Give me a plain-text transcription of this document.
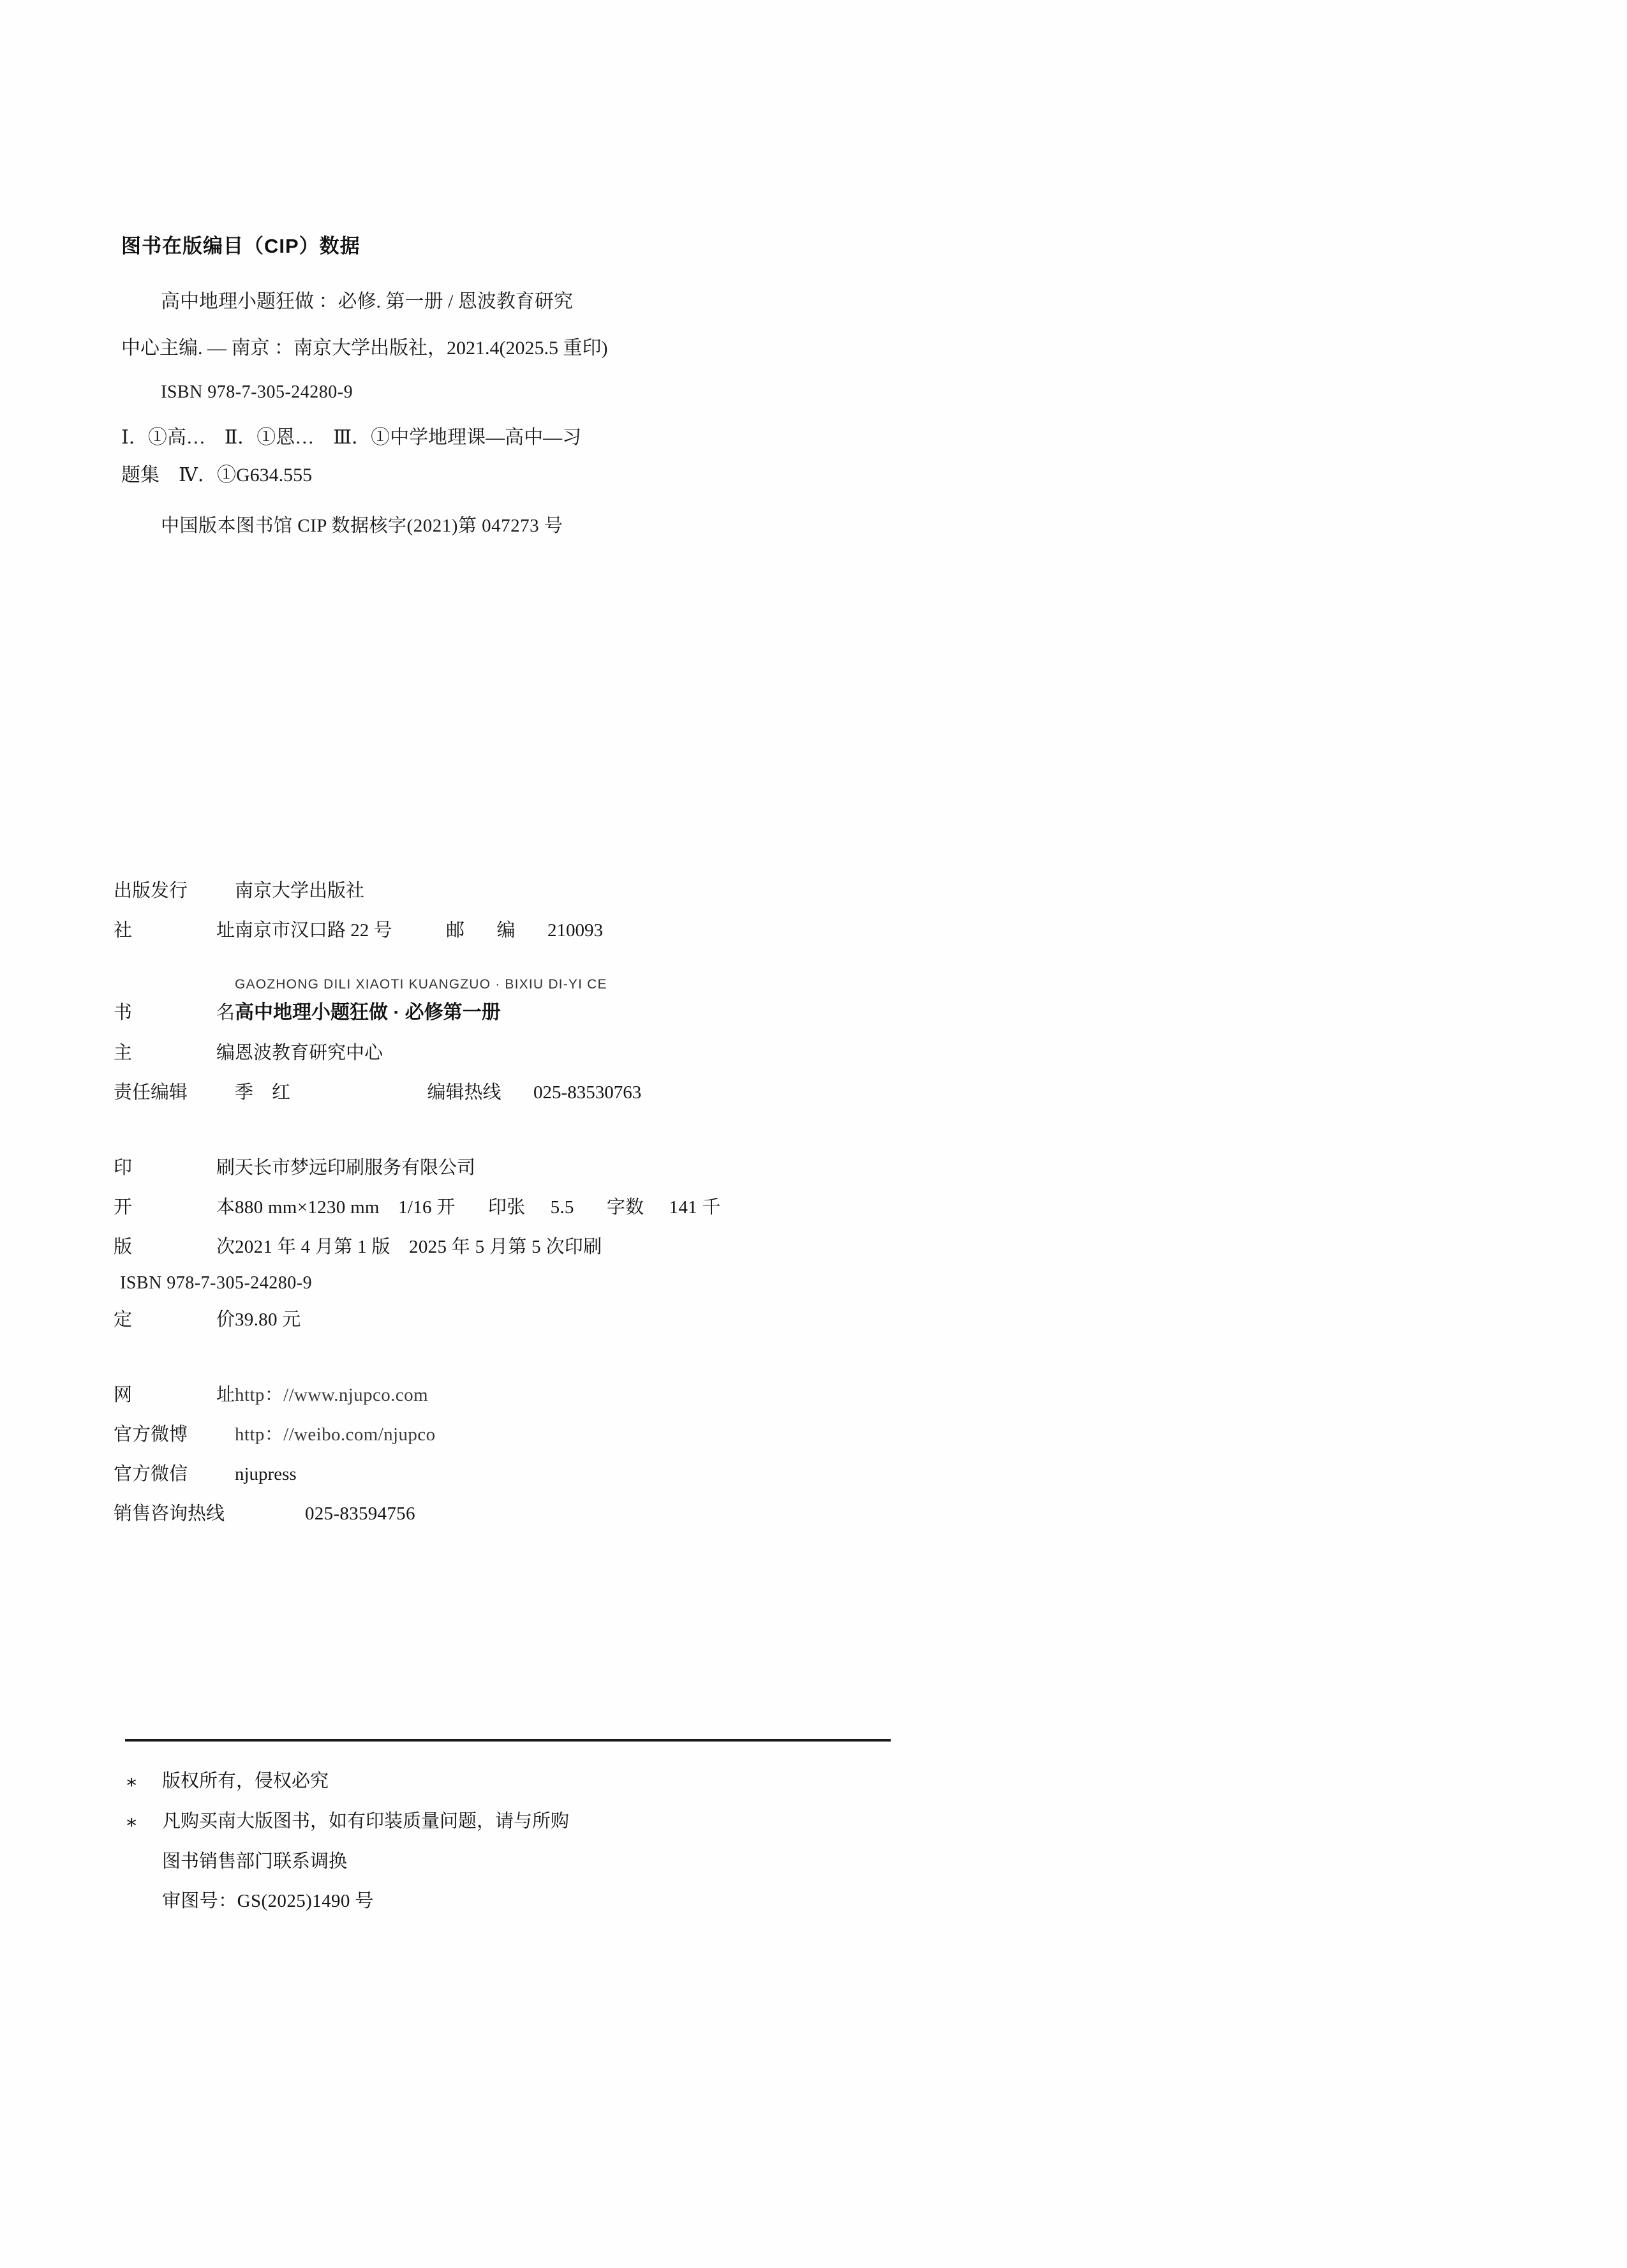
图书在版编目（CIP）数据
高中地理小题狂做 ：必修. 第一册 / 恩波教育研究
中心主编. — 南京 ：南京大学出版社，2021.4(2025.5 重印)
ISBN 978-7-305-24280-9
Ⅰ．①高…　Ⅱ．①恩…　Ⅲ．①中学地理课—高中—习
题集　Ⅳ．①G634.555
中国版本图书馆 CIP 数据核字(2021)第 047273 号
出版发行	南京大学出版社
社	址 南京市汉口路 22 号	邮 编 210093
GAOZHONG DILI XIAOTI KUANGZUO · BIXIU DI-YI CE
书	名 高中地理小题狂做 · 必修第一册
主	编 恩波教育研究中心
责任编辑	季　红	编辑热线 025-83530763
印	刷 天长市梦远印刷服务有限公司
开	本 880 mm×1230 mm　1/16 开 印张 5.5 字数 141 千
版	次 2021 年 4 月第 1 版　2025 年 5 月第 5 次印刷
ISBN 978-7-305-24280-9
定	价 39.80 元
网	址 http：//www.njupco.com
官方微博	http：//weibo.com/njupco
官方微信	njupress
销售咨询热线	025-83594756
∗	版权所有，侵权必究
∗	凡购买南大版图书，如有印装质量问题，请与所购
图书销售部门联系调换
审图号：GS(2025)1490 号
